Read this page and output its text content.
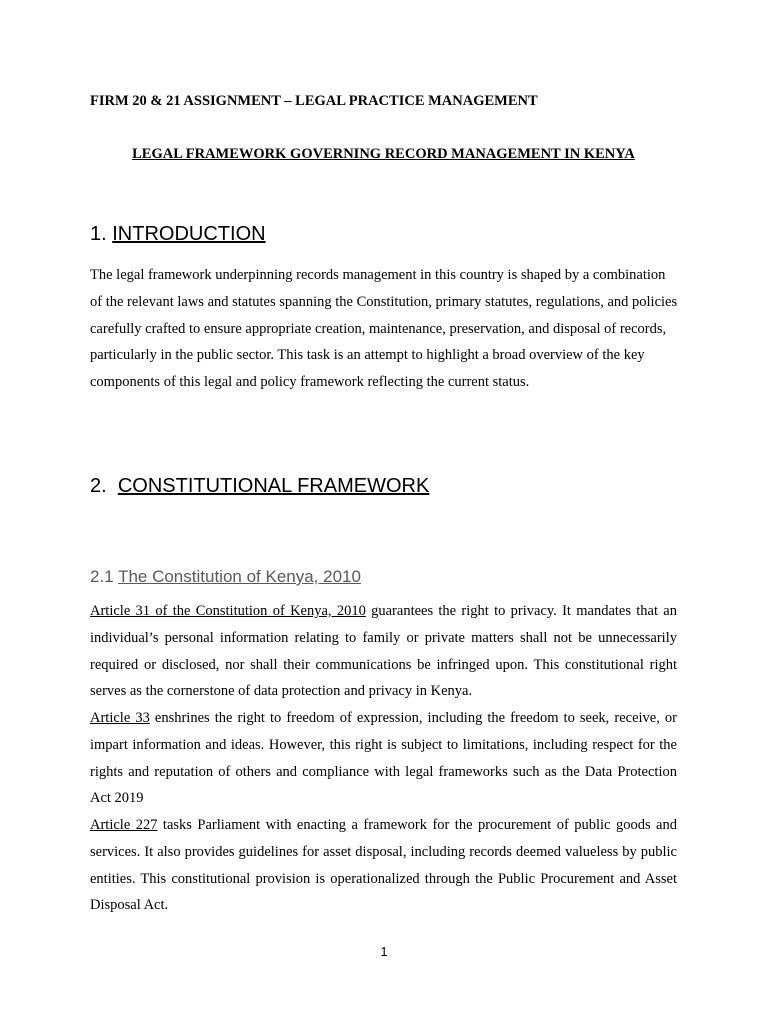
FIRM 20 & 21 ASSIGNMENT – LEGAL PRACTICE MANAGEMENT
LEGAL FRAMEWORK GOVERNING RECORD MANAGEMENT IN KENYA
1. INTRODUCTION
The legal framework underpinning records management in this country is shaped by a combination of the relevant laws and statutes spanning the Constitution, primary statutes, regulations, and policies carefully crafted to ensure appropriate creation, maintenance, preservation, and disposal of records, particularly in the public sector. This task is an attempt to highlight a broad overview of the key components of this legal and policy framework reflecting the current status.
2. CONSTITUTIONAL FRAMEWORK
2.1 The Constitution of Kenya, 2010
Article 31 of the Constitution of Kenya, 2010 guarantees the right to privacy. It mandates that an individual’s personal information relating to family or private matters shall not be unnecessarily required or disclosed, nor shall their communications be infringed upon. This constitutional right serves as the cornerstone of data protection and privacy in Kenya.
Article 33 enshrines the right to freedom of expression, including the freedom to seek, receive, or impart information and ideas. However, this right is subject to limitations, including respect for the rights and reputation of others and compliance with legal frameworks such as the Data Protection Act 2019
Article 227 tasks Parliament with enacting a framework for the procurement of public goods and services. It also provides guidelines for asset disposal, including records deemed valueless by public entities. This constitutional provision is operationalized through the Public Procurement and Asset Disposal Act.
1
